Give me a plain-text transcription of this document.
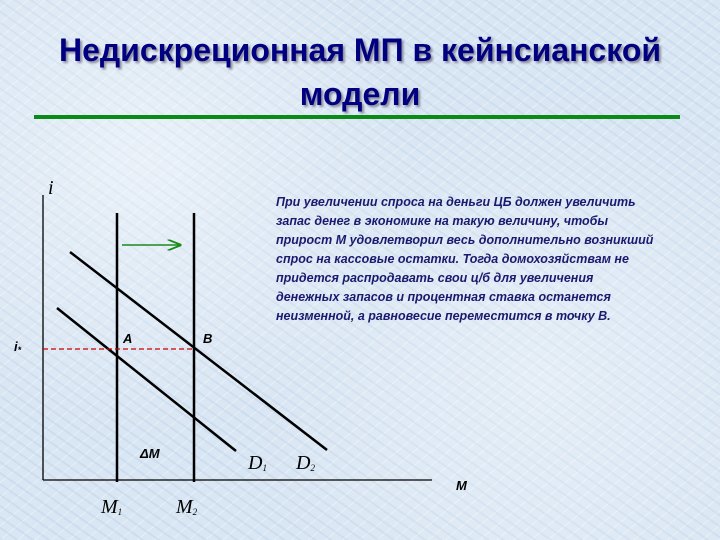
Недискреционная МП в кейнсианской модели

При увеличении спроса на деньги ЦБ должен увеличить запас денег в экономике на такую величину, чтобы прирост М удовлетворил весь дополнительно возникший спрос на кассовые остатки. Тогда домохозяйствам не придется распродавать свои ц/б для увеличения денежных запасов и процентная ставка останется неизменной, а равновесие переместится в точку В.

i
M
i*
A	B
ΔM	D1 D2
M1	M2
